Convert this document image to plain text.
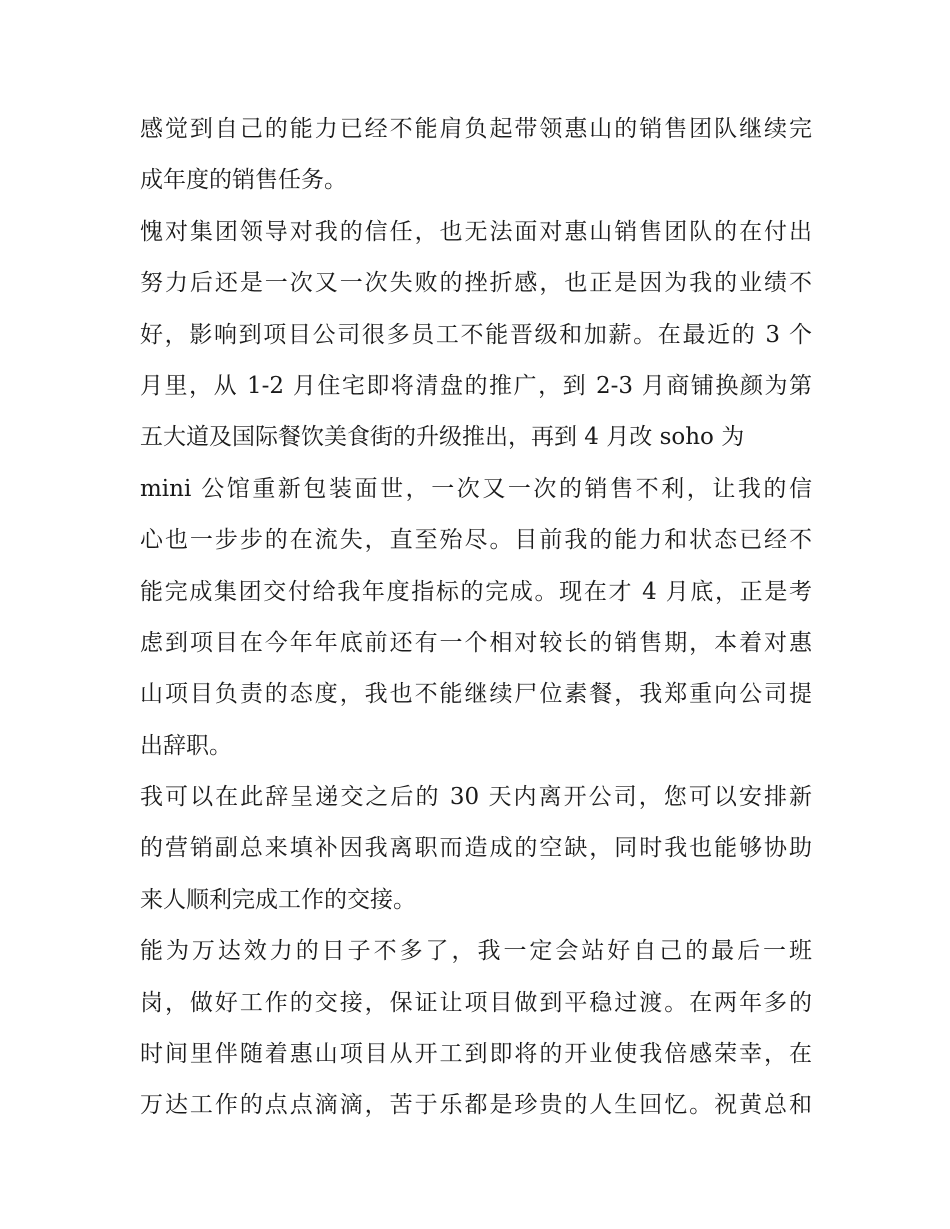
感觉到自己的能力已经不能肩负起带领惠山的销售团队继续完
成年度的销售任务。
愧对集团领导对我的信任，也无法面对惠山销售团队的在付出
努力后还是一次又一次失败的挫折感，也正是因为我的业绩不
好，影响到项目公司很多员工不能晋级和加薪。在最近的 3 个
月里，从 1-2 月住宅即将清盘的推广，到 2-3 月商铺换颜为第
五大道及国际餐饮美食街的升级推出，再到 4 月改 soho 为
mini 公馆重新包装面世，一次又一次的销售不利，让我的信
心也一步步的在流失，直至殆尽。目前我的能力和状态已经不
能完成集团交付给我年度指标的完成。现在才 4 月底，正是考
虑到项目在今年年底前还有一个相对较长的销售期，本着对惠
山项目负责的态度，我也不能继续尸位素餐，我郑重向公司提
出辞职。
我可以在此辞呈递交之后的 30 天内离开公司，您可以安排新
的营销副总来填补因我离职而造成的空缺，同时我也能够协助
来人顺利完成工作的交接。
能为万达效力的日子不多了，我一定会站好自己的最后一班
岗，做好工作的交接，保证让项目做到平稳过渡。在两年多的
时间里伴随着惠山项目从开工到即将的开业使我倍感荣幸，在
万达工作的点点滴滴，苦于乐都是珍贵的人生回忆。祝黄总和
